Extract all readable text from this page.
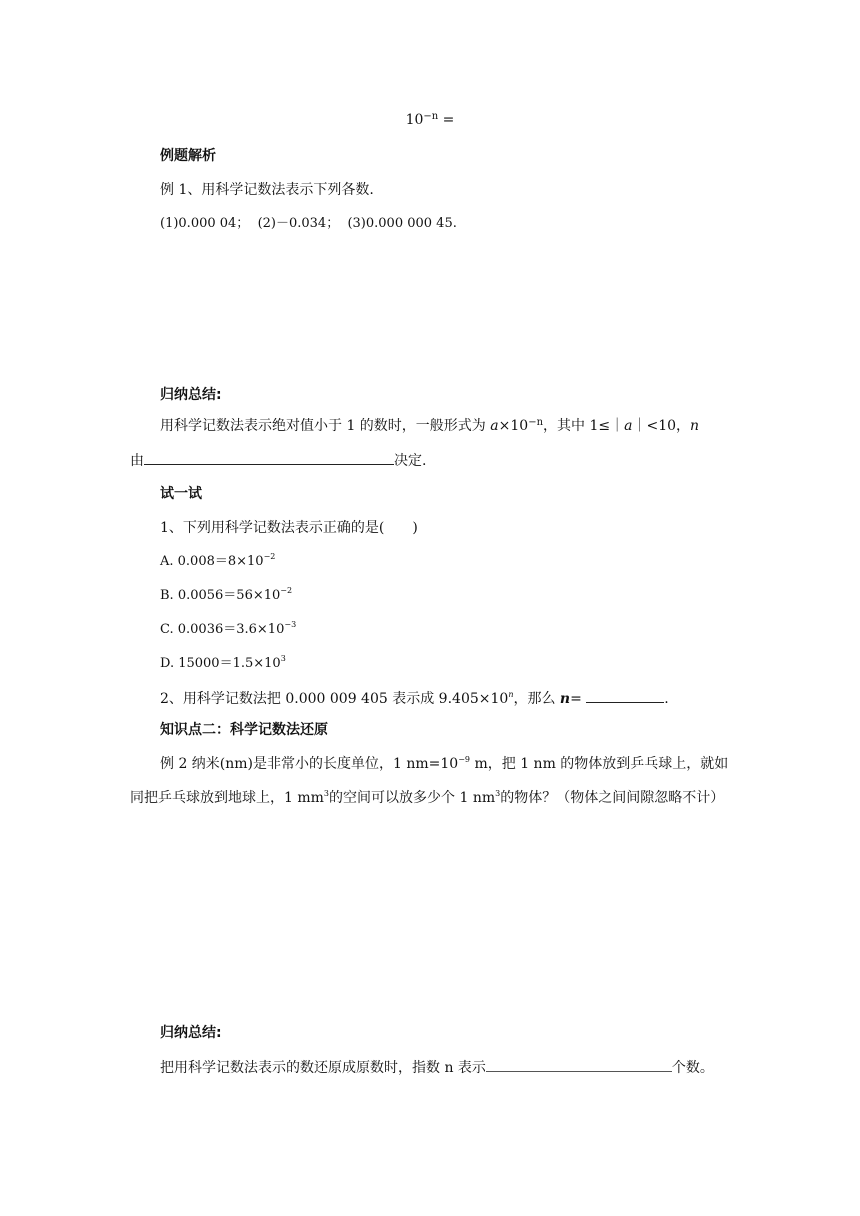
$10^{-n}$ =
例题解析
例 1、用科学记数法表示下列各数.
(1)0.000 04；  (2)－0.034；  (3)0.000 000 45.
归纳总结:
用科学记数法表示绝对值小于 1 的数时，一般形式为 $a\times 10^{-n}$，其中 1≤｜a｜<10，n
由	决定.
试一试
1、下列用科学记数法表示正确的是(　　)
A. $0.008=8\times 10^{-2}$
B. $0.0056=56\times 10^{-2}$
C. $0.0036=3.6\times 10^{-3}$
D. $15000=1.5\times 10^3$
2、用科学记数法把 0.000 009 405 表示成 $9.405\times 10^n$，那么 n=	.
知识点二：科学记数法还原
例 2 纳米(nm)是非常小的长度单位，1 $nm=10^{-9}$ m，把 1 nm 的物体放到乒乓球上，就如
同把乒乓球放到地球上，1 $mm^3$的空间可以放多少个 1 $nm^3$的物体？（物体之间间隙忽略不计）
归纳总结:
把用科学记数法表示的数还原成原数时，指数 n 表示	个数。
